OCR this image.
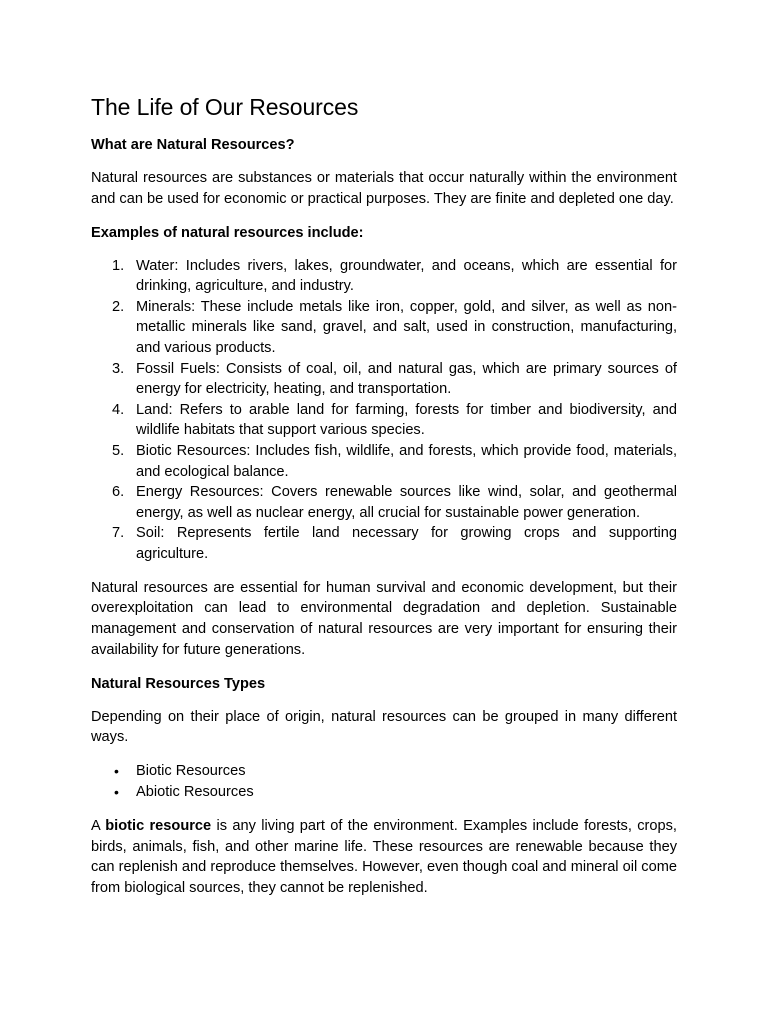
The Life of Our Resources
What are Natural Resources?

Natural resources are substances or materials that occur naturally within the environment and can be used for economic or practical purposes. They are finite and depleted one day.

Examples of natural resources include:
1. Water: Includes rivers, lakes, groundwater, and oceans, which are essential for drinking, agriculture, and industry.
2. Minerals: These include metals like iron, copper, gold, and silver, as well as non-metallic minerals like sand, gravel, and salt, used in construction, manufacturing, and various products.
3. Fossil Fuels: Consists of coal, oil, and natural gas, which are primary sources of energy for electricity, heating, and transportation.
4. Land: Refers to arable land for farming, forests for timber and biodiversity, and wildlife habitats that support various species.
5. Biotic Resources: Includes fish, wildlife, and forests, which provide food, materials, and ecological balance.
6. Energy Resources: Covers renewable sources like wind, solar, and geothermal energy, as well as nuclear energy, all crucial for sustainable power generation.
7. Soil: Represents fertile land necessary for growing crops and supporting agriculture.

Natural resources are essential for human survival and economic development, but their overexploitation can lead to environmental degradation and depletion. Sustainable management and conservation of natural resources are very important for ensuring their availability for future generations.

Natural Resources Types

Depending on their place of origin, natural resources can be grouped in many different ways.

• Biotic Resources
• Abiotic Resources

A biotic resource is any living part of the environment. Examples include forests, crops, birds, animals, fish, and other marine life. These resources are renewable because they can replenish and reproduce themselves. However, even though coal and mineral oil come from biological sources, they cannot be replenished.
